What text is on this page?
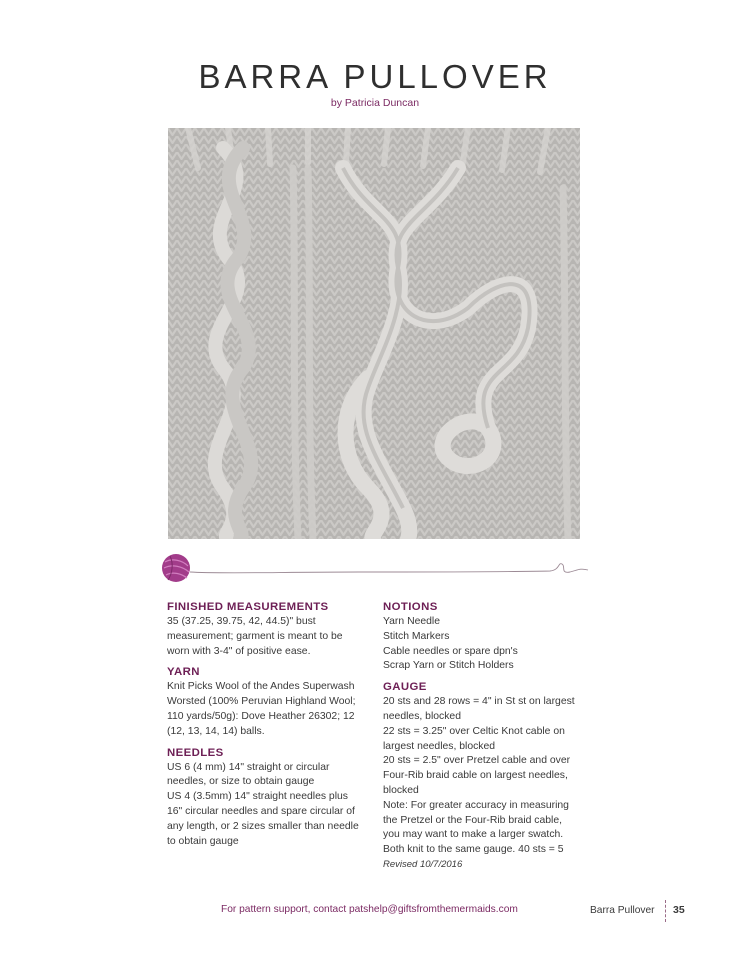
BARRA PULLOVER
by Patricia Duncan
FINISHED MEASUREMENTS

35 (37.25, 39.75, 42, 44.5)" bust
measurement; garment is meant to be
worn with 3-4" of positive ease.

YARN

Knit Picks Wool of the Andes Superwash
Worsted (100% Peruvian Highland Wool;
110 yards/50g): Dove Heather 26302; 12
(12, 13, 14, 14) balls.

NEEDLES

US 6 (4 mm) 14" straight or circular
needles, or size to obtain gauge
US 4 (3.5mm) 14" straight needles plus
16" circular needles and spare circular of
any length, or 2 sizes smaller than needle
to obtain gauge

NOTIONS

Yarn Needle
Stitch Markers
Cable needles or spare dpn's
Scrap Yarn or Stitch Holders

GAUGE

20 sts and 28 rows = 4" in St st on largest
needles, blocked
22 sts = 3.25" over Celtic Knot cable on
largest needles, blocked
20 sts = 2.5" over Pretzel cable and over
Four-Rib braid cable on largest needles,
blocked
Note: For greater accuracy in measuring
the Pretzel or the Four-Rib braid cable,
you may want to make a larger swatch.
Both knit to the same gauge. 40 sts = 5
Revised 10/7/2016

For pattern support, contact patshelp@giftsfromthemermaids.com	Barra Pullover 35
